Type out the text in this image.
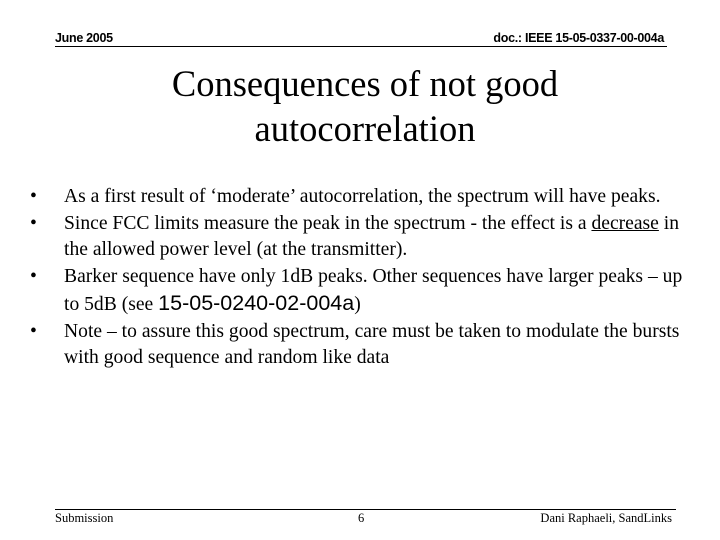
June 2005	doc.: IEEE 15-05-0337-00-004a
Consequences of not good
autocorrelation
• As a first result of ‘moderate’ autocorrelation, the spectrum will have peaks.
• Since FCC limits measure the peak in the spectrum - the effect is a decrease in the allowed power level (at the transmitter).
• Barker sequence have only 1dB peaks. Other sequences have larger peaks – up to 5dB (see 15-05-0240-02-004a)
• Note – to assure this good spectrum, care must be taken to modulate the bursts with good sequence and random like data
Submission	6	Dani Raphaeli, SandLinks
